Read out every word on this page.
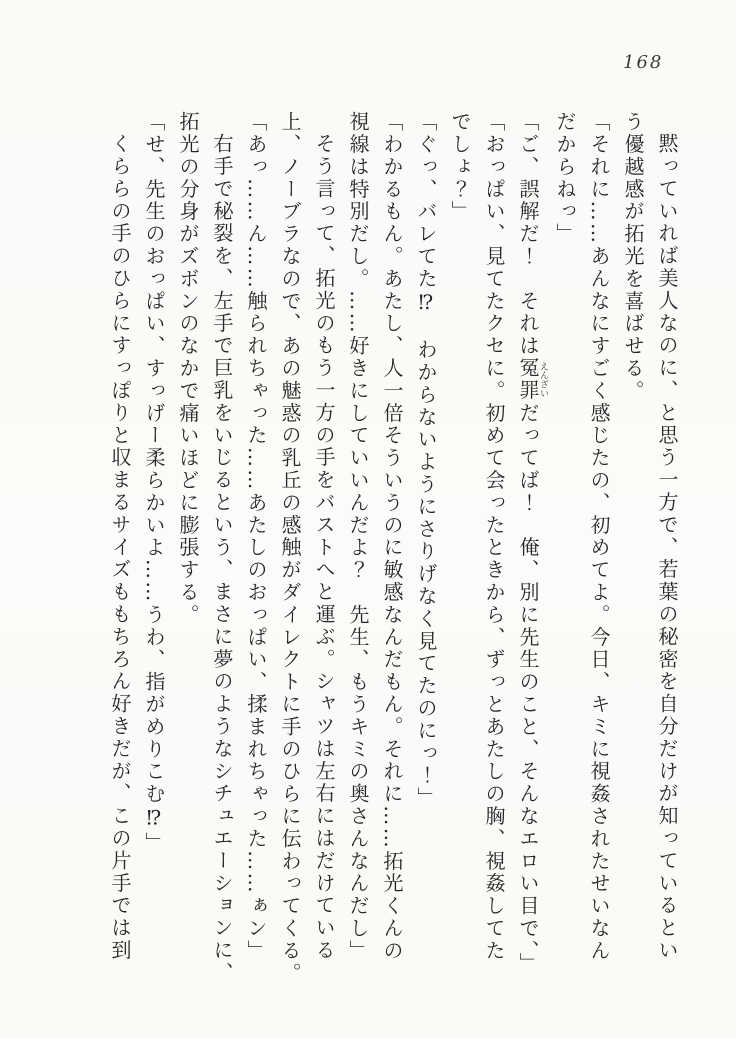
168

黙っていれば美人なのに、と思う一方で、若葉の秘密を自分だけが知っているとい

う優越感が拓光を喜ばせる。

「それに……あんなにすごく感じたの、初めてよ。今日、キミに視姦されたせいなん

だからねっ」

「ご、誤解だ！　それは冤罪えんざいだってば！　俺、別に先生のこと、そんなエロい目で、」

「おっぱい、見てたクセに。初めて会ったときから、ずっとあたしの胸、視姦してた

でしょ？」

「ぐっ、バレてた⁉　わからないようにさりげなく見てたのにっ！」

「わかるもん。あたし、人一倍そういうのに敏感なんだもん。それに……拓光くんの

視線は特別だし。……好きにしていいんだよ？　先生、もうキミの奥さんなんだし」

そう言って、拓光のもう一方の手をバストへと運ぶ。シャツは左右にはだけている

上、ノーブラなので、あの魅惑の乳丘の感触がダイレクトに手のひらに伝わってくる。

「あっ……ん……触られちゃった……あたしのおっぱい、揉まれちゃった……ぁン」

右手で秘裂を、左手で巨乳をいじるという、まさに夢のようなシチュエーションに、

拓光の分身がズボンのなかで痛いほどに膨張する。

「せ、先生のおっぱい、すっげー柔らかいよ……うわ、指がめりこむ⁉」

くららの手のひらにすっぽりと収まるサイズももちろん好きだが、この片手では到
